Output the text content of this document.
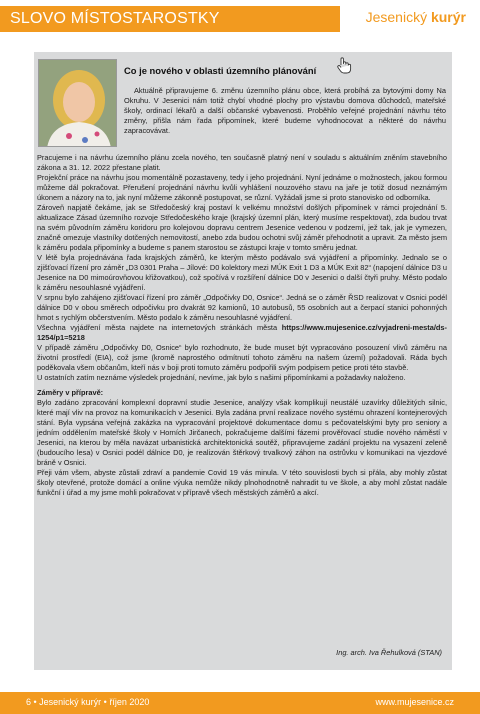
SLOVO MÍSTOSTAROSTKY	Jesenický kurýr
Co je nového v oblasti územního plánování

Aktuálně připravujeme 6. změnu územního plánu obce, která probíhá za bytovými domy Na Okruhu. V Jesenici nám totiž chybí vhodné plochy pro výstavbu domova důchodců, mateřské školy, ordinací lékařů a další občanské vybavenosti. Proběhlo veřejné projednání návrhu této změny, přišla nám řada připomínek, které budeme vyhodnocovat a některé do návrhu zapracovávat.

Pracujeme i na návrhu územního plánu zcela nového, ten současně platný není v souladu s aktuálním zněním stavebního zákona a 31. 12. 2022 přestane platit.

Projekční práce na návrhu jsou momentálně pozastaveny, tedy i jeho projednání. Nyní jednáme o možnostech, jakou formou můžeme dál pokračovat. Přerušení projednání návrhu kvůli vyhlášení nouzového stavu na jaře je totiž dosud neznámým úkonem a názory na to, jak nyní můžeme zákonně postupovat, se různí. Vyžádali jsme si proto stanovisko od odborníka.

Zároveň napjatě čekáme, jak se Středočeský kraj postaví k velkému množství došlých připomínek v rámci projednání 5. aktualizace Zásad územního rozvoje Středočeského kraje (krajský územní plán, který musíme respektovat), zda budou trvat na svém původním záměru koridoru pro kolejovou dopravu centrem Jesenice vedenou v podzemí, jež tak, jak je vymezen, značně omezuje vlastníky dotčených nemovitostí, anebo zda budou ochotni svůj záměr přehodnotit a upravit. Za město jsem k záměru podala připomínky a budeme s panem starostou se zástupci kraje v tomto směru jednat.

V létě byla projednávána řada krajských záměrů, ke kterým město podávalo svá vyjádření a připomínky. Jednalo se o zjišťovací řízení pro záměr „D3 0301 Praha – Jílové: D0 kolektory mezi MÚK Exit 1 D3 a MÚK Exit 82“ (napojení dálnice D3 u Jesenice na D0 mimoúrovňovou křižovatkou), což spočívá v rozšíření dálnice D0 v Jesenici o další čtyři pruhy. Město podalo k záměru nesouhlasné vyjádření.

V srpnu bylo zahájeno zjišťovací řízení pro záměr „Odpočivky D0, Osnice“. Jedná se o záměr ŘSD realizovat v Osnici podél dálnice D0 v obou směrech odpočivku pro dvakrát 92 kamionů, 10 autobusů, 55 osobních aut a čerpací stanici pohonných hmot s rychlým občerstvením. Město podalo k záměru nesouhlasné vyjádření.

Všechna vyjádření města najdete na internetových stránkách města https://www.mujesenice.cz/vyjadreni-mesta/ds-1254/p1=5218

V případě záměru „Odpočivky D0, Osnice“ bylo rozhodnuto, že bude muset být vypracováno posouzení vlivů záměru na životní prostředí (EIA), což jsme (kromě naprostého odmítnutí tohoto záměru na našem území) požadovali. Ráda bych poděkovala všem občanům, kteří nás v boji proti tomuto záměru podpořili svým podpisem petice proti této stavbě.

U ostatních zatím neznáme výsledek projednání, nevíme, jak bylo s našimi připomínkami a požadavky naloženo.

Záměry v přípravě:

Bylo zadáno zpracování komplexní dopravní studie Jesenice, analýzy však komplikují neustálé uzavírky důležitých silnic, které mají vliv na provoz na komunikacích v Jesenici. Byla zadána první realizace nového systému ohrazení kontejnerových stání. Byla vypsána veřejná zakázka na vypracování projektové dokumentace domu s pečovatelskými byty pro seniory a jedním oddělením mateřské školy v Horních Jirčanech, pokračujeme dalšími fázemi prověřovací studie nového náměstí v Jesenici, na kterou by měla navázat urbanistická architektonická soutěž, připravujeme zadání projektu na vysazení zeleně (budoucího lesa) v Osnici podél dálnice D0, je realizován štěrkový trvalkový záhon na ostrůvku v komunikaci na vjezdové bráně v Osnici.

Přeji vám všem, abyste zůstali zdraví a pandemie Covid 19 vás minula. V této souvislosti bych si přála, aby mohly zůstat školy otevřené, protože domácí a online výuka nemůže nikdy plnohodnotně nahradit tu ve škole, a aby mohl zůstat nadále funkční i úřad a my jsme mohli pokračovat v přípravě všech městských záměrů a akcí.

Ing. arch. Iva Řehulková (STAN)
6 • Jesenický kurýr • říjen 2020	www.mujesenice.cz
